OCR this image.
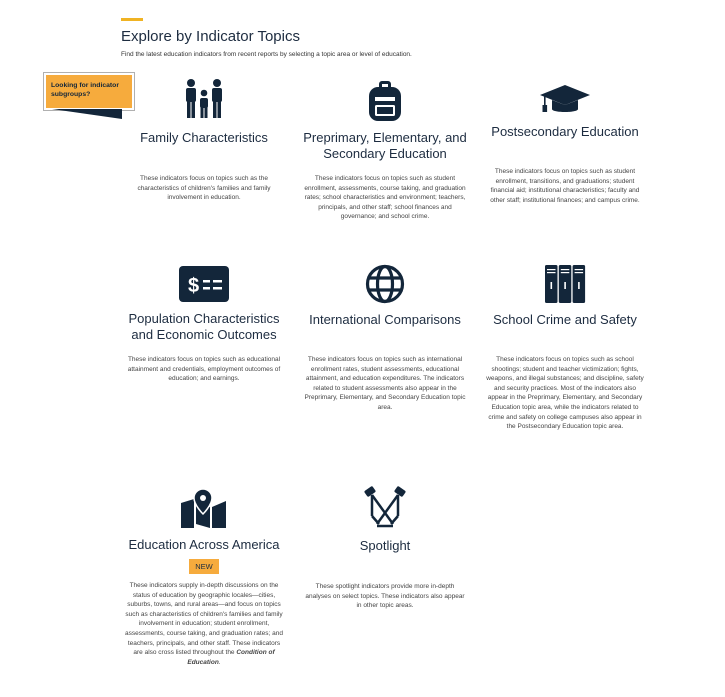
Explore by Indicator Topics
Find the latest education indicators from recent reports by selecting a topic area or level of education.
Looking for indicator subgroups?
Family Characteristics
These indicators focus on topics such as the characteristics of children's families and family involvement in education.
Preprimary, Elementary, and Secondary Education
These indicators focus on topics such as student enrollment, assessments, course taking, and graduation rates; school characteristics and environment; teachers, principals, and other staff; school finances and governance; and school crime.
Postsecondary Education
These indicators focus on topics such as student enrollment, transitions, and graduations; student financial aid; institutional characteristics; faculty and other staff; institutional finances; and campus crime.
$
Population Characteristics and Economic Outcomes
These indicators focus on topics such as educational attainment and credentials, employment outcomes of education; and earnings.
International Comparisons
These indicators focus on topics such as international enrollment rates, student assessments, educational attainment, and education expenditures. The indicators related to student assessments also appear in the Preprimary, Elementary, and Secondary Education topic area.
School Crime and Safety
These indicators focus on topics such as school shootings; student and teacher victimization; fights, weapons, and illegal substances; and discipline, safety and security practices. Most of the indicators also appear in the Preprimary, Elementary, and Secondary Education topic area, while the indicators related to crime and safety on college campuses also appear in the Postsecondary Education topic area.
Education Across America
NEW
These indicators supply in-depth discussions on the status of education by geographic locales—cities, suburbs, towns, and rural areas—and focus on topics such as characteristics of children's families and family involvement in education; student enrollment, assessments, course taking, and graduation rates; and teachers, principals, and other staff. These indicators are also cross listed throughout the Condition of Education.
Spotlight
These spotlight indicators provide more in-depth analyses on select topics. These indicators also appear in other topic areas.
